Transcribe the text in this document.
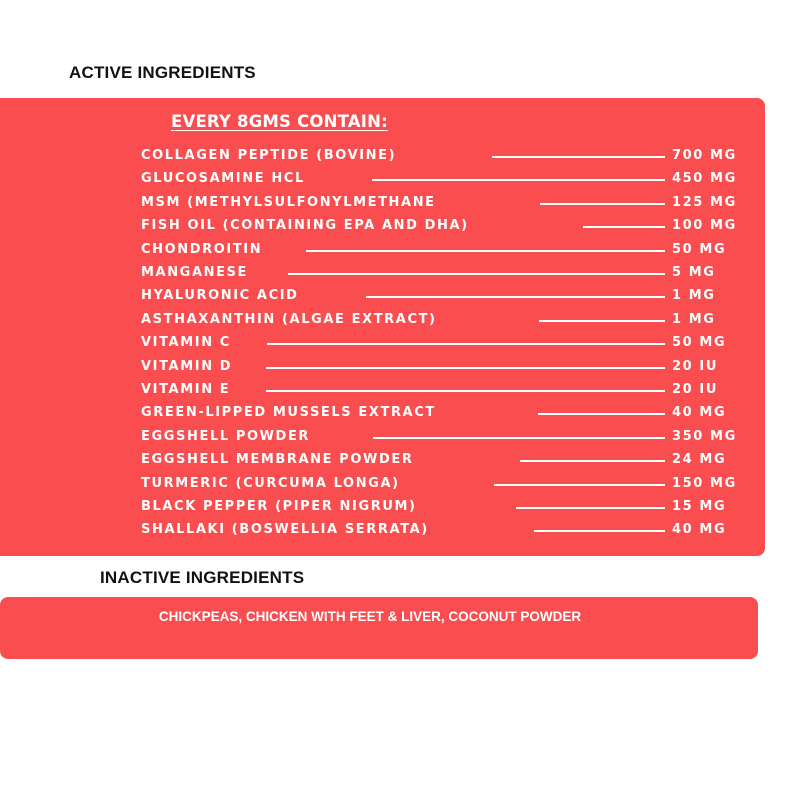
ACTIVE INGREDIENTS
EVERY 8GMS CONTAIN:
COLLAGEN PEPTIDE (BOVINE)	700 MG
GLUCOSAMINE HCL	450 MG
MSM (METHYLSULFONYLMETHANE	125 MG
FISH OIL (CONTAINING EPA AND DHA)	100 MG
CHONDROITIN	50 MG
MANGANESE	5 MG
HYALURONIC ACID	1 MG
ASTHAXANTHIN (ALGAE EXTRACT)	1 MG
VITAMIN C	50 MG
VITAMIN D	20 IU
VITAMIN E	20 IU
GREEN-LIPPED MUSSELS EXTRACT	40 MG
EGGSHELL POWDER	350 MG
EGGSHELL MEMBRANE POWDER	24 MG
TURMERIC (CURCUMA LONGA)	150 MG
BLACK PEPPER (PIPER NIGRUM)	15 MG
SHALLAKI (BOSWELLIA SERRATA)	40 MG
INACTIVE INGREDIENTS
CHICKPEAS, CHICKEN WITH FEET & LIVER, COCONUT POWDER
